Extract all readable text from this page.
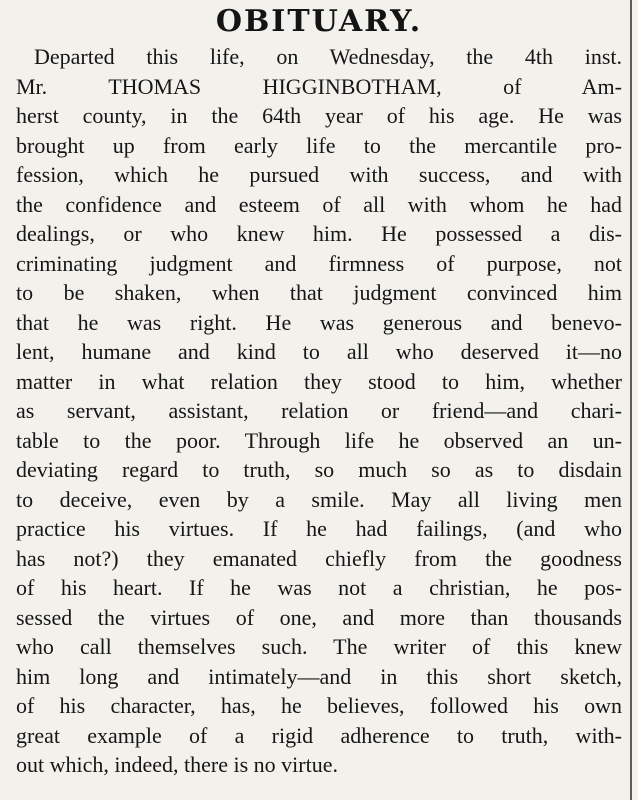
OBITUARY.
Departed this life, on Wednesday, the 4th inst.
Mr. THOMAS HIGGINBOTHAM, of Am-
herst county, in the 64th year of his age. He was
brought up from early life to the mercantile pro-
fession, which he pursued with success, and with
the confidence and esteem of all with whom he had
dealings, or who knew him. He possessed a dis-
criminating judgment and firmness of purpose, not
to be shaken, when that judgment convinced him
that he was right. He was generous and benevo-
lent, humane and kind to all who deserved it—no
matter in what relation they stood to him, whether
as servant, assistant, relation or friend—and chari-
table to the poor. Through life he observed an un-
deviating regard to truth, so much so as to disdain
to deceive, even by a smile. May all living men
practice his virtues. If he had failings, (and who
has not?) they emanated chiefly from the goodness
of his heart. If he was not a christian, he pos-
sessed the virtues of one, and more than thousands
who call themselves such. The writer of this knew
him long and intimately—and in this short sketch,
of his character, has, he believes, followed his own
great example of a rigid adherence to truth, with-
out which, indeed, there is no virtue.
